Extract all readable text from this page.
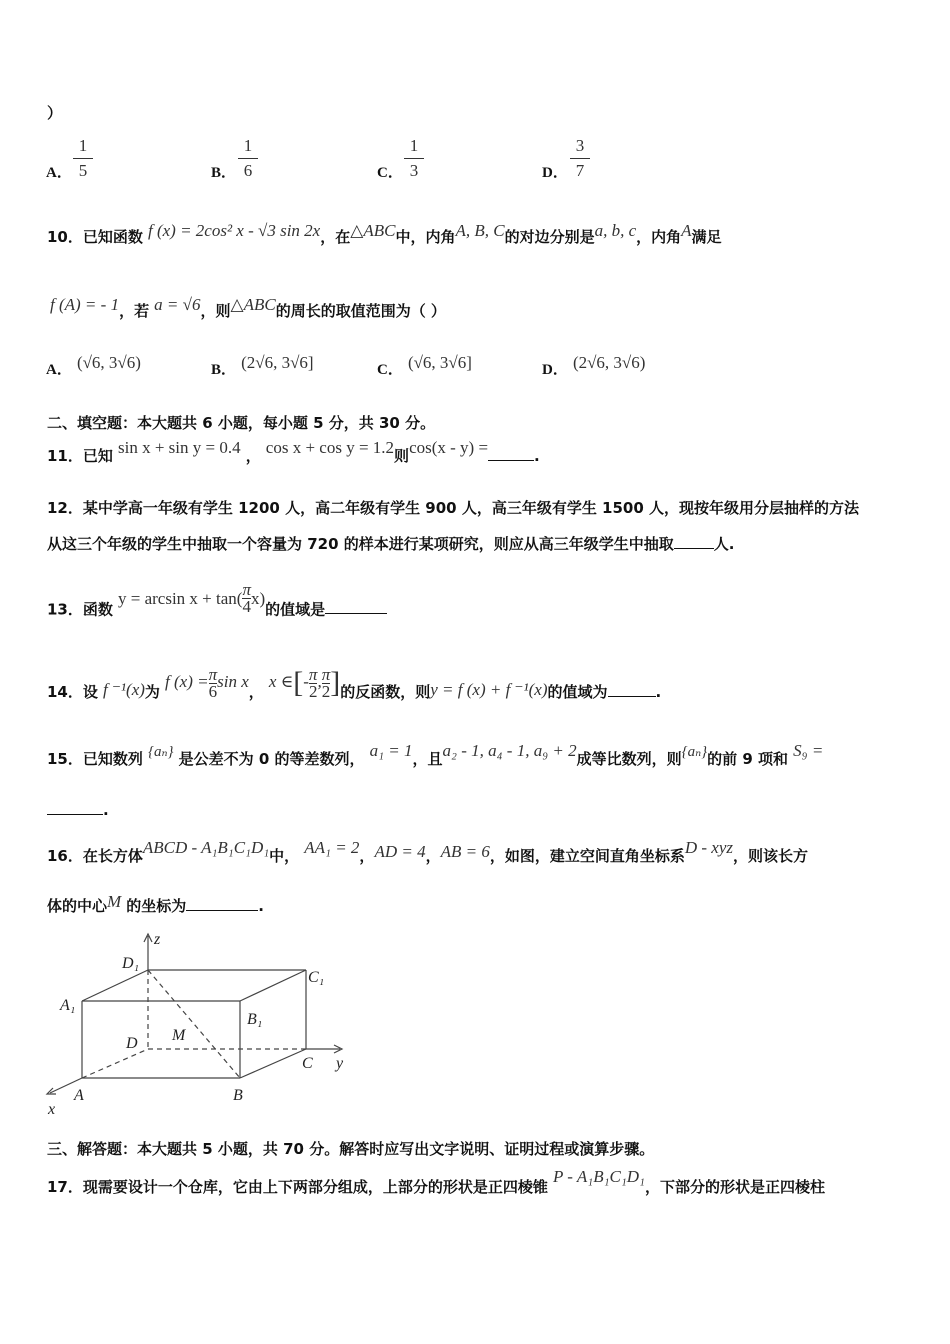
）
A．
1
5	B．
1
6	C．
1
3	D．
3
7
10．已知函数 f (x) = 2cos² x - √3 sin 2x，在△ABC中，内角A, B, C的对边分别是a, b, c，内角A满足
f (A) = - 1，若 a = √6，则△ABC的周长的取值范围为（ ）
A． (√6, 3√6)	B． (2√6, 3√6]	C． (√6, 3√6]	D． (2√6, 3√6)
二、填空题：本大题共 6 小题，每小题 5 分，共 30 分。
11．已知 sin x + sin y = 0.4 ， cos x + cos y = 1.2则cos(x - y) =	.
12．某中学高一年级有学生 1200 人，高二年级有学生 900 人，高三年级有学生 1500 人，现按年级用分层抽样的方法
从这三个年级的学生中抽取一个容量为 720 的样本进行某项研究，则应从高三年级学生中抽取	人.
13．函数 $y = \arcsin x + \tan( \frac{\pi}{4} x)$的值域是
14．设 f ⁻¹(x)为 f $(x) = \frac{\pi}{6}$ sin x， x ∈[- $\frac{\pi}{2}$ , $\frac{\pi}{2}$ ]的反函数，则y = f (x) + f ⁻¹(x)的值域为	.
15．已知数列 {aₙ} 是公差不为 0 的等差数列， a₁ = 1，且a₂ - 1, a₄ - 1, a₉ + 2成等比数列，则{aₙ}的前 9 项和 S₉ =
.
16．在长方体ABCD - A₁B₁C₁D₁中， AA₁ = 2，AD = 4，AB = 6，如图，建立空间直角坐标系D - xyz，则该长方
体的中心M 的坐标为	.
z
D₁
C₁
A₁
B₁
D M
C y
A	B
x
三、解答题：本大题共 5 小题，共 70 分。解答时应写出文字说明、证明过程或演算步骤。
17．现需要设计一个仓库，它由上下两部分组成，上部分的形状是正四棱锥 P - A₁B₁C₁D₁，下部分的形状是正四棱柱
